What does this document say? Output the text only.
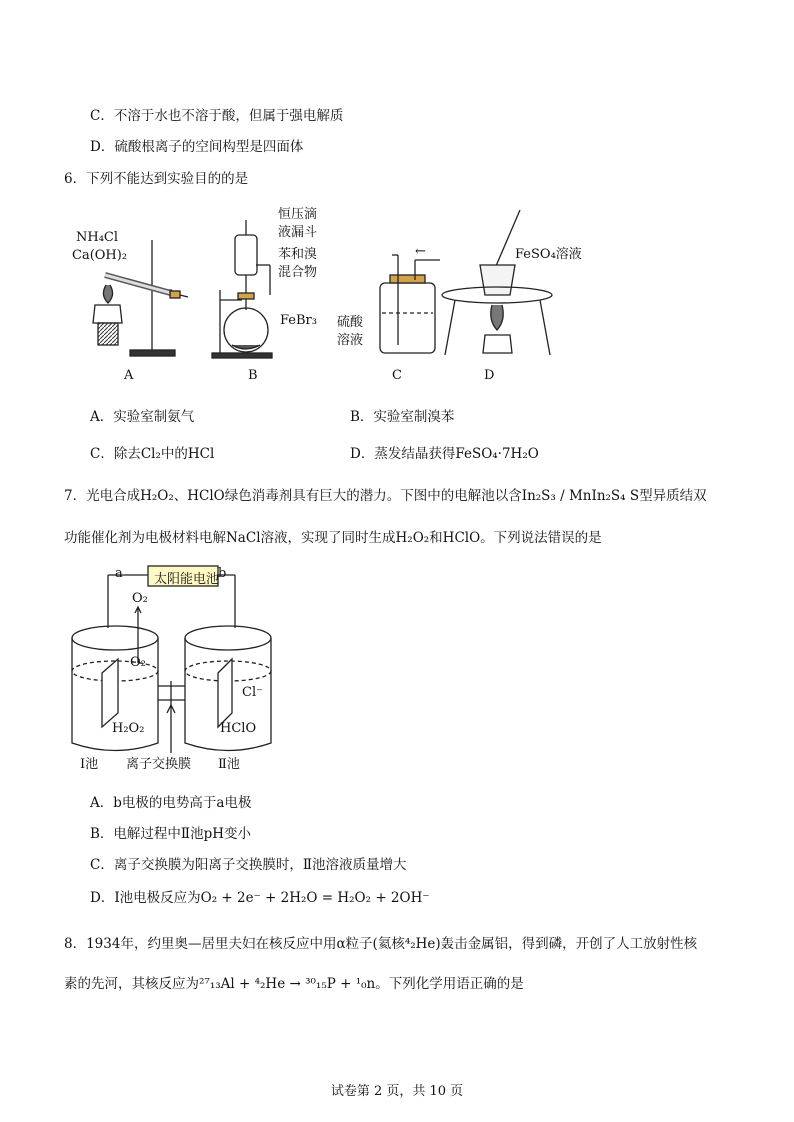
C．不溶于水也不溶于酸，但属于强电解质
D．硫酸根离子的空间构型是四面体
6．下列不能达到实验目的的是
NH₄Cl
Ca(OH)₂
A
恒压滴
液漏斗
苯和溴
混合物
FeBr₃
B
←
硫酸
溶液
C
FeSO₄溶液
D
A．实验室制氨气	B．实验室制溴苯
C．除去Cl₂中的HCl	D．蒸发结晶获得FeSO₄·7H₂O
7．光电合成H₂O₂、HClO绿色消毒剂具有巨大的潜力。下图中的电解池以含In₂S₃ / MnIn₂S₄ S型异质结双
功能催化剂为电极材料电解NaCl溶液，实现了同时生成H₂O₂和HClO。下列说法错误的是
a	b
太阳能电池
O₂
O₂
H₂O₂
Cl⁻
HClO
Ⅰ池 离子交换膜 Ⅱ池
A．b电极的电势高于a电极
B．电解过程中Ⅱ池pH变小
C．离子交换膜为阳离子交换膜时，Ⅱ池溶液质量增大
D．Ⅰ池电极反应为O₂ + 2e⁻ + 2H₂O = H₂O₂ + 2OH⁻
8．1934年，约里奥—居里夫妇在核反应中用α粒子(氦核⁴₂He)轰击金属铝，得到磷，开创了人工放射性核
素的先河，其核反应为²⁷₁₃Al + ⁴₂He → ³⁰₁₅P + ¹₀n。下列化学用语正确的是
试卷第 2 页，共 10 页
